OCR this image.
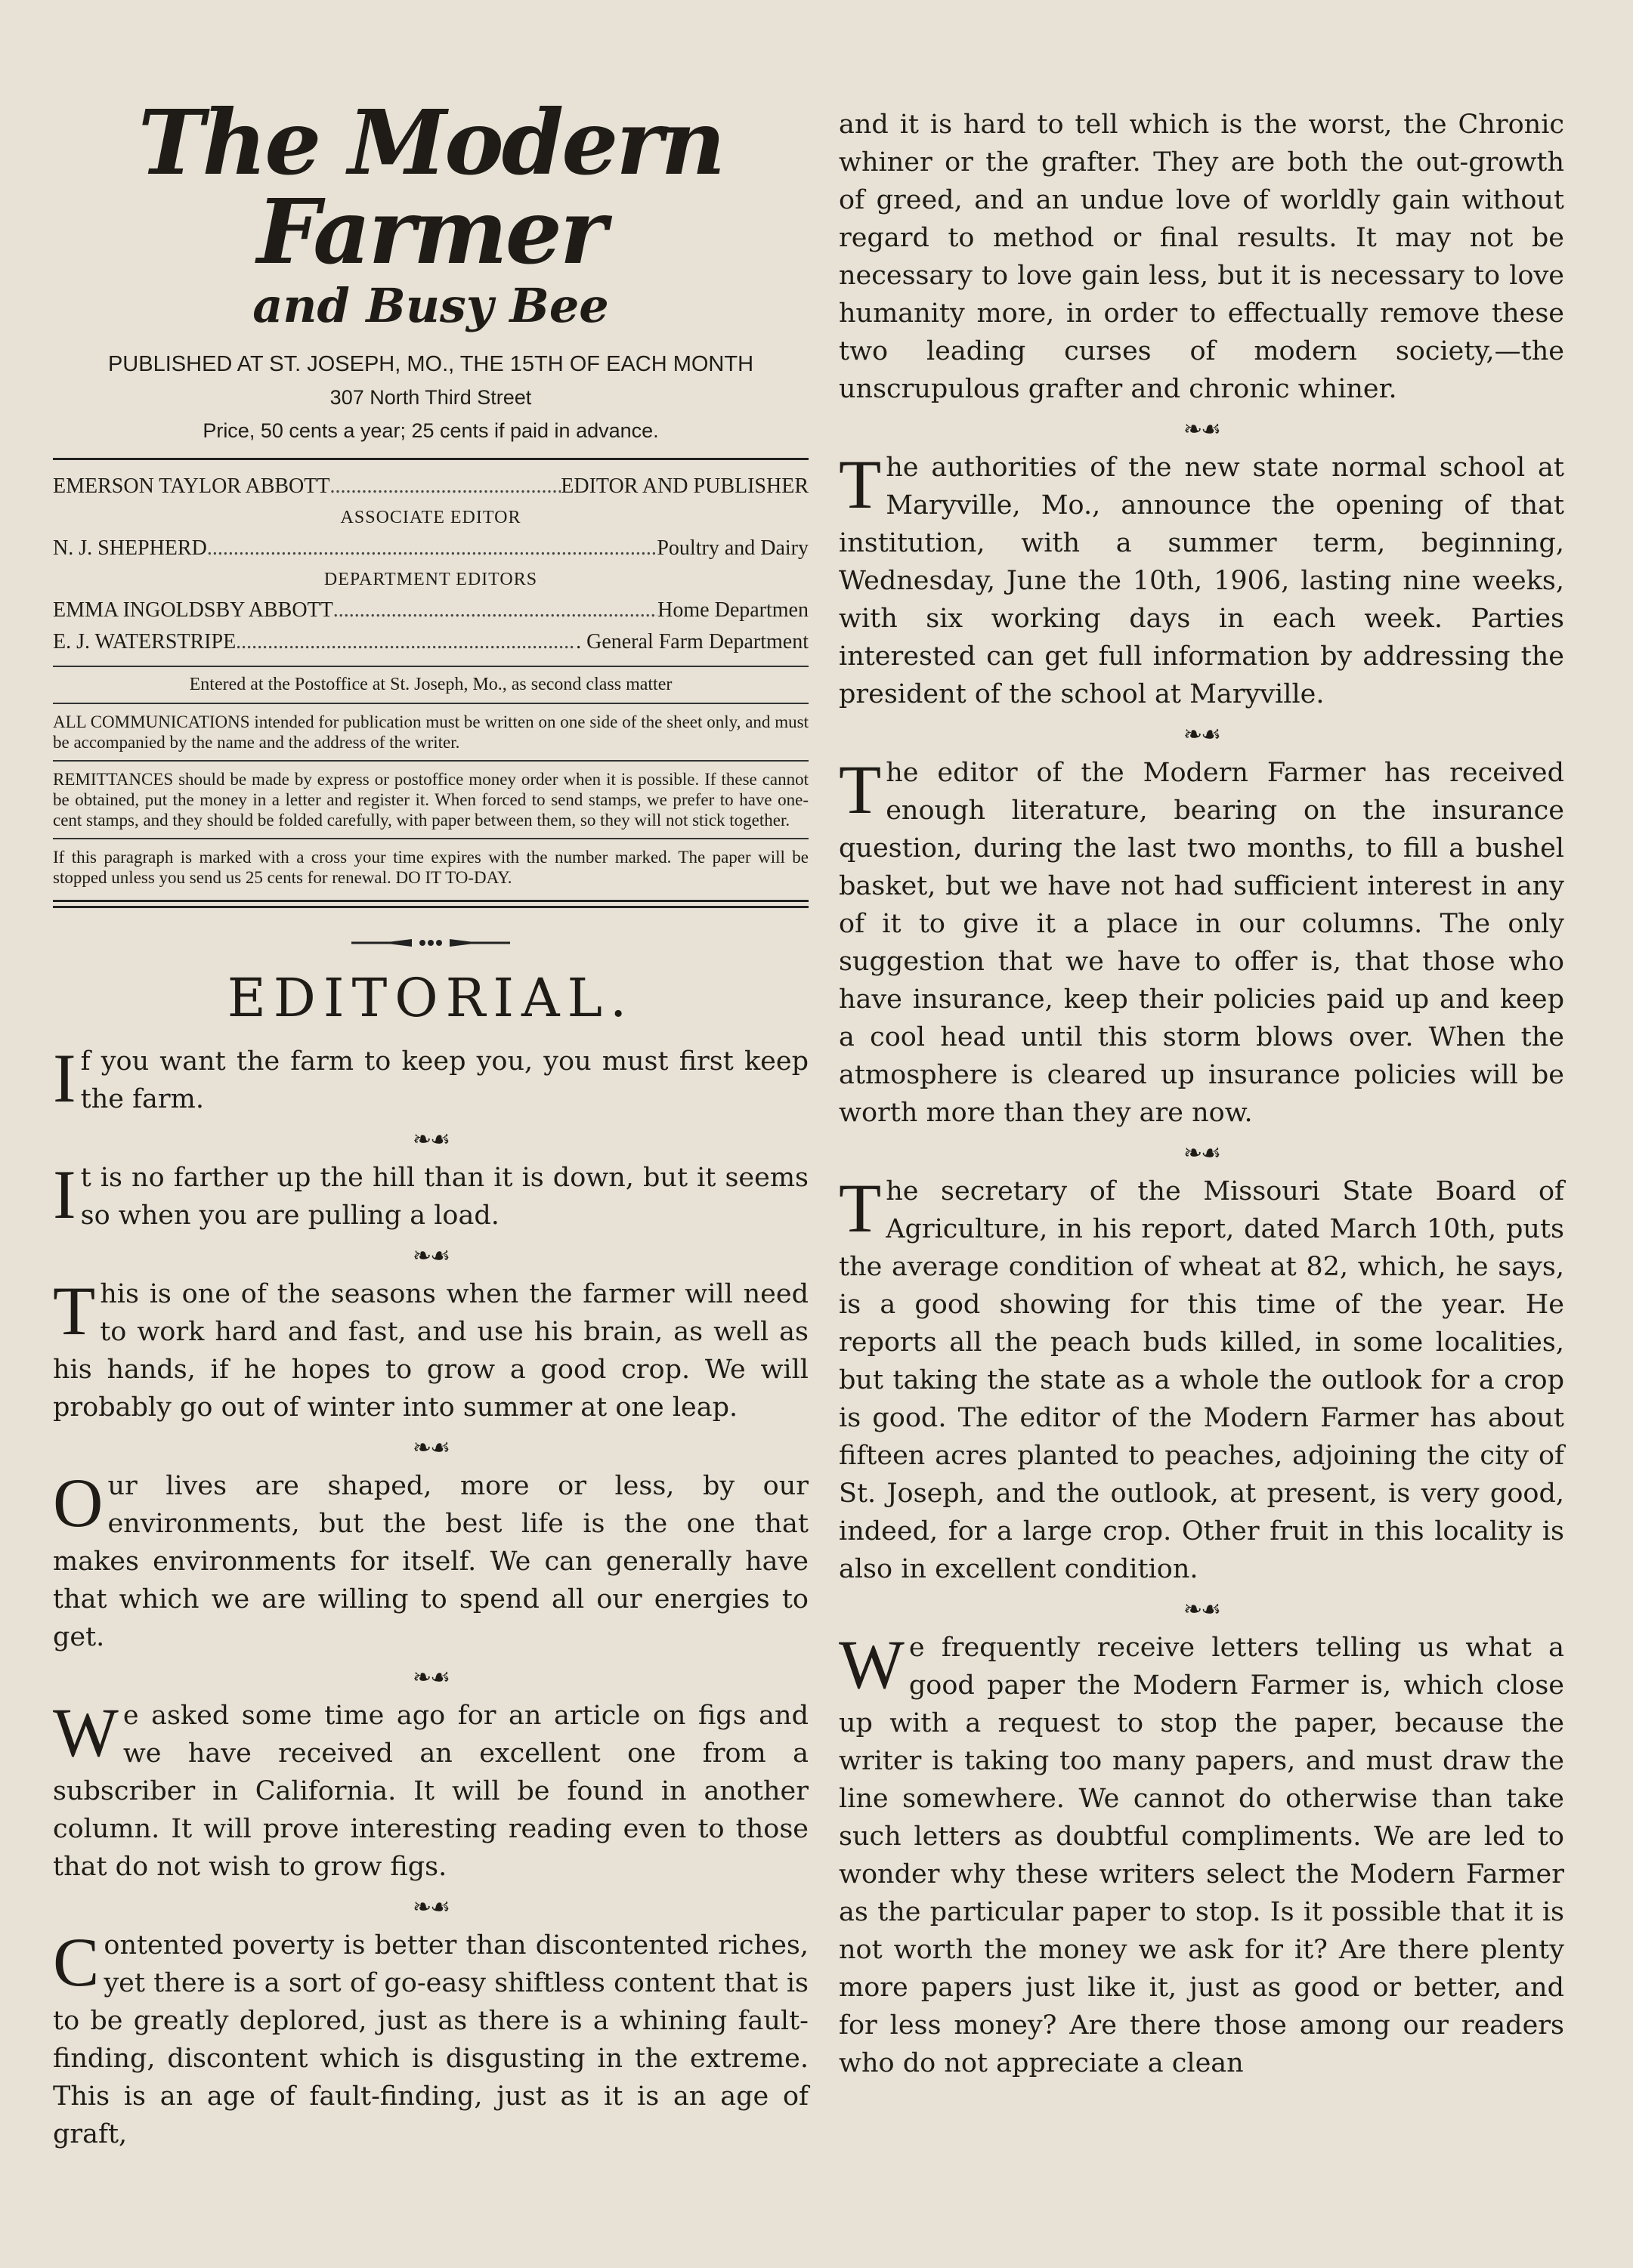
The Modern Farmer
and Busy Bee
PUBLISHED AT ST. JOSEPH, MO., THE 15TH OF EACH MONTH
307 North Third Street
Price, 50 cents a year; 25 cents if paid in advance.
EMERSON TAYLOR ABBOTT .....	EDITOR AND PUBLISHER
ASSOCIATE EDITOR
N. J. SHEPHERD .....	Poultry and Dairy
DEPARTMENT EDITORS
EMMA INGOLDSBY ABBOTT .....	Home Departmen
E. J. WATERSTRIPE .....	. General Farm Department
Entered at the Postoffice at St. Joseph, Mo., as second class matter
ALL COMMUNICATIONS intended for publication must be written on one side of the sheet only, and must be accompanied by the name and the address of the writer.
REMITTANCES should be made by express or postoffice money order when it is possible. If these cannot be obtained, put the money in a letter and register it. When forced to send stamps, we prefer to have one-cent stamps, and they should be folded carefully, with paper between them, so they will not stick together.
If this paragraph is marked with a cross your time expires with the number marked. The paper will be stopped unless you send us 25 cents for renewal. DO IT TO-DAY.
EDITORIAL.

If you want the farm to keep you, you must first keep the farm.

❧☙

It is no farther up the hill than it is down, but it seems so when you are pulling a load.

❧☙

This is one of the seasons when the farmer will need to work hard and fast, and use his brain, as well as his hands, if he hopes to grow a good crop. We will probably go out of winter into summer at one leap.

❧☙

Our lives are shaped, more or less, by our environments, but the best life is the one that makes environments for itself. We can generally have that which we are willing to spend all our energies to get.

❧☙

We asked some time ago for an article on figs and we have received an excellent one from a subscriber in California. It will be found in another column. It will prove interesting reading even to those that do not wish to grow figs.

❧☙

Contented poverty is better than discontented riches, yet there is a sort of go-easy shiftless content that is to be greatly deplored, just as there is a whining fault-finding, discontent which is disgusting in the extreme. This is an age of fault-finding, just as it is an age of graft,

and it is hard to tell which is the worst, the Chronic whiner or the grafter. They are both the out-growth of greed, and an undue love of worldly gain without regard to method or final results. It may not be necessary to love gain less, but it is necessary to love humanity more, in order to effectually remove these two leading curses of modern society,—the unscrupulous grafter and chronic whiner.

❧☙

The authorities of the new state normal school at Maryville, Mo., announce the opening of that institution, with a summer term, beginning, Wednesday, June the 10th, 1906, lasting nine weeks, with six working days in each week. Parties interested can get full information by addressing the president of the school at Maryville.

❧☙

The editor of the Modern Farmer has received enough literature, bearing on the insurance question, during the last two months, to fill a bushel basket, but we have not had sufficient interest in any of it to give it a place in our columns. The only suggestion that we have to offer is, that those who have insurance, keep their policies paid up and keep a cool head until this storm blows over. When the atmosphere is cleared up insurance policies will be worth more than they are now.

❧☙

The secretary of the Missouri State Board of Agriculture, in his report, dated March 10th, puts the average condition of wheat at 82, which, he says, is a good showing for this time of the year. He reports all the peach buds killed, in some localities, but taking the state as a whole the outlook for a crop is good. The editor of the Modern Farmer has about fifteen acres planted to peaches, adjoining the city of St. Joseph, and the outlook, at present, is very good, indeed, for a large crop. Other fruit in this locality is also in excellent condition.

❧☙

We frequently receive letters telling us what a good paper the Modern Farmer is, which close up with a request to stop the paper, because the writer is taking too many papers, and must draw the line somewhere. We cannot do otherwise than take such letters as doubtful compliments. We are led to wonder why these writers select the Modern Farmer as the particular paper to stop. Is it possible that it is not worth the money we ask for it? Are there plenty more papers just like it, just as good or better, and for less money? Are there those among our readers who do not appreciate a clean
